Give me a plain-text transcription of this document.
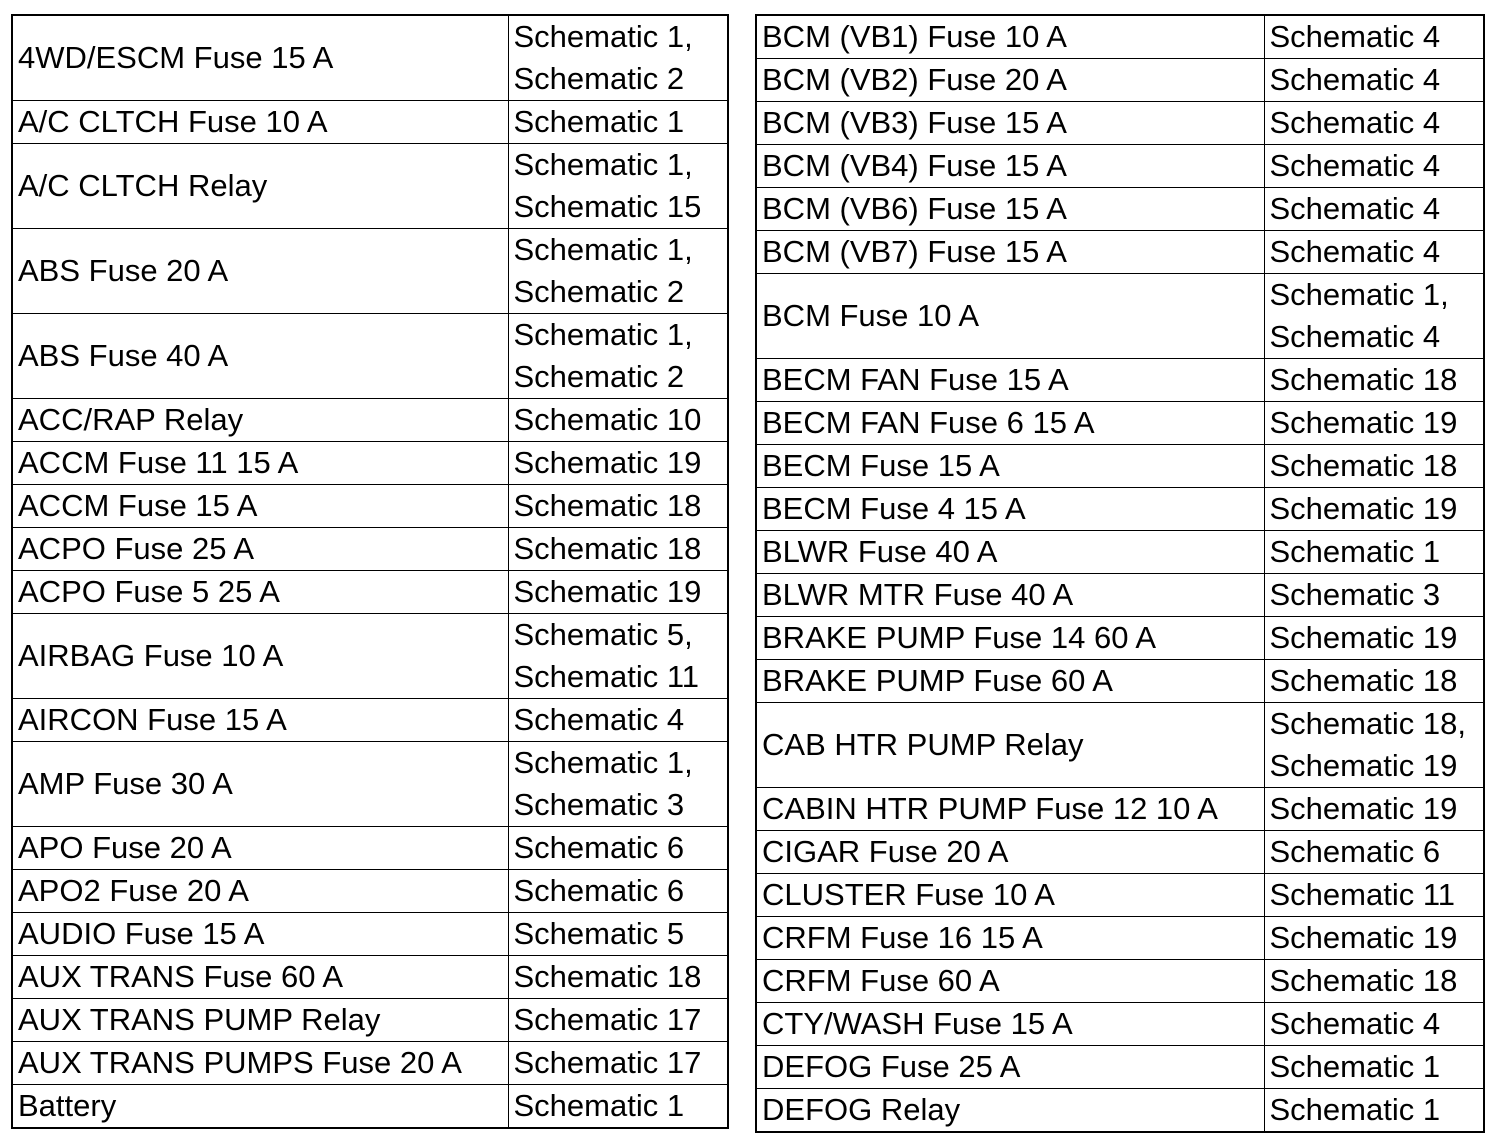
4WD/ESCM Fuse 15 A	Schematic 1,
Schematic 2

A/C CLTCH Fuse 10 A	Schematic 1

A/C CLTCH Relay	Schematic 1,
Schematic 15

ABS Fuse 20 A	Schematic 1,
Schematic 2

ABS Fuse 40 A	Schematic 1,
Schematic 2

ACC/RAP Relay	Schematic 10

ACCM Fuse 11 15 A	Schematic 19

ACCM Fuse 15 A	Schematic 18

ACPO Fuse 25 A	Schematic 18

ACPO Fuse 5 25 A	Schematic 19

AIRBAG Fuse 10 A	Schematic 5,
Schematic 11

AIRCON Fuse 15 A	Schematic 4

AMP Fuse 30 A	Schematic 1,
Schematic 3

APO Fuse 20 A	Schematic 6

APO2 Fuse 20 A	Schematic 6

AUDIO Fuse 15 A	Schematic 5

AUX TRANS Fuse 60 A	Schematic 18

AUX TRANS PUMP Relay	Schematic 17

AUX TRANS PUMPS Fuse 20 A	Schematic 17

Battery	Schematic 1
BCM (VB1) Fuse 10 A	Schematic 4

BCM (VB2) Fuse 20 A	Schematic 4

BCM (VB3) Fuse 15 A	Schematic 4

BCM (VB4) Fuse 15 A	Schematic 4

BCM (VB6) Fuse 15 A	Schematic 4

BCM (VB7) Fuse 15 A	Schematic 4

BCM Fuse 10 A	Schematic 1,
Schematic 4

BECM FAN Fuse 15 A	Schematic 18

BECM FAN Fuse 6 15 A	Schematic 19

BECM Fuse 15 A	Schematic 18

BECM Fuse 4 15 A	Schematic 19

BLWR Fuse 40 A	Schematic 1

BLWR MTR Fuse 40 A	Schematic 3

BRAKE PUMP Fuse 14 60 A	Schematic 19

BRAKE PUMP Fuse 60 A	Schematic 18

CAB HTR PUMP Relay	Schematic 18,
Schematic 19

CABIN HTR PUMP Fuse 12 10 A	Schematic 19

CIGAR Fuse 20 A	Schematic 6

CLUSTER Fuse 10 A	Schematic 11

CRFM Fuse 16 15 A	Schematic 19

CRFM Fuse 60 A	Schematic 18

CTY/WASH Fuse 15 A	Schematic 4

DEFOG Fuse 25 A	Schematic 1

DEFOG Relay	Schematic 1
